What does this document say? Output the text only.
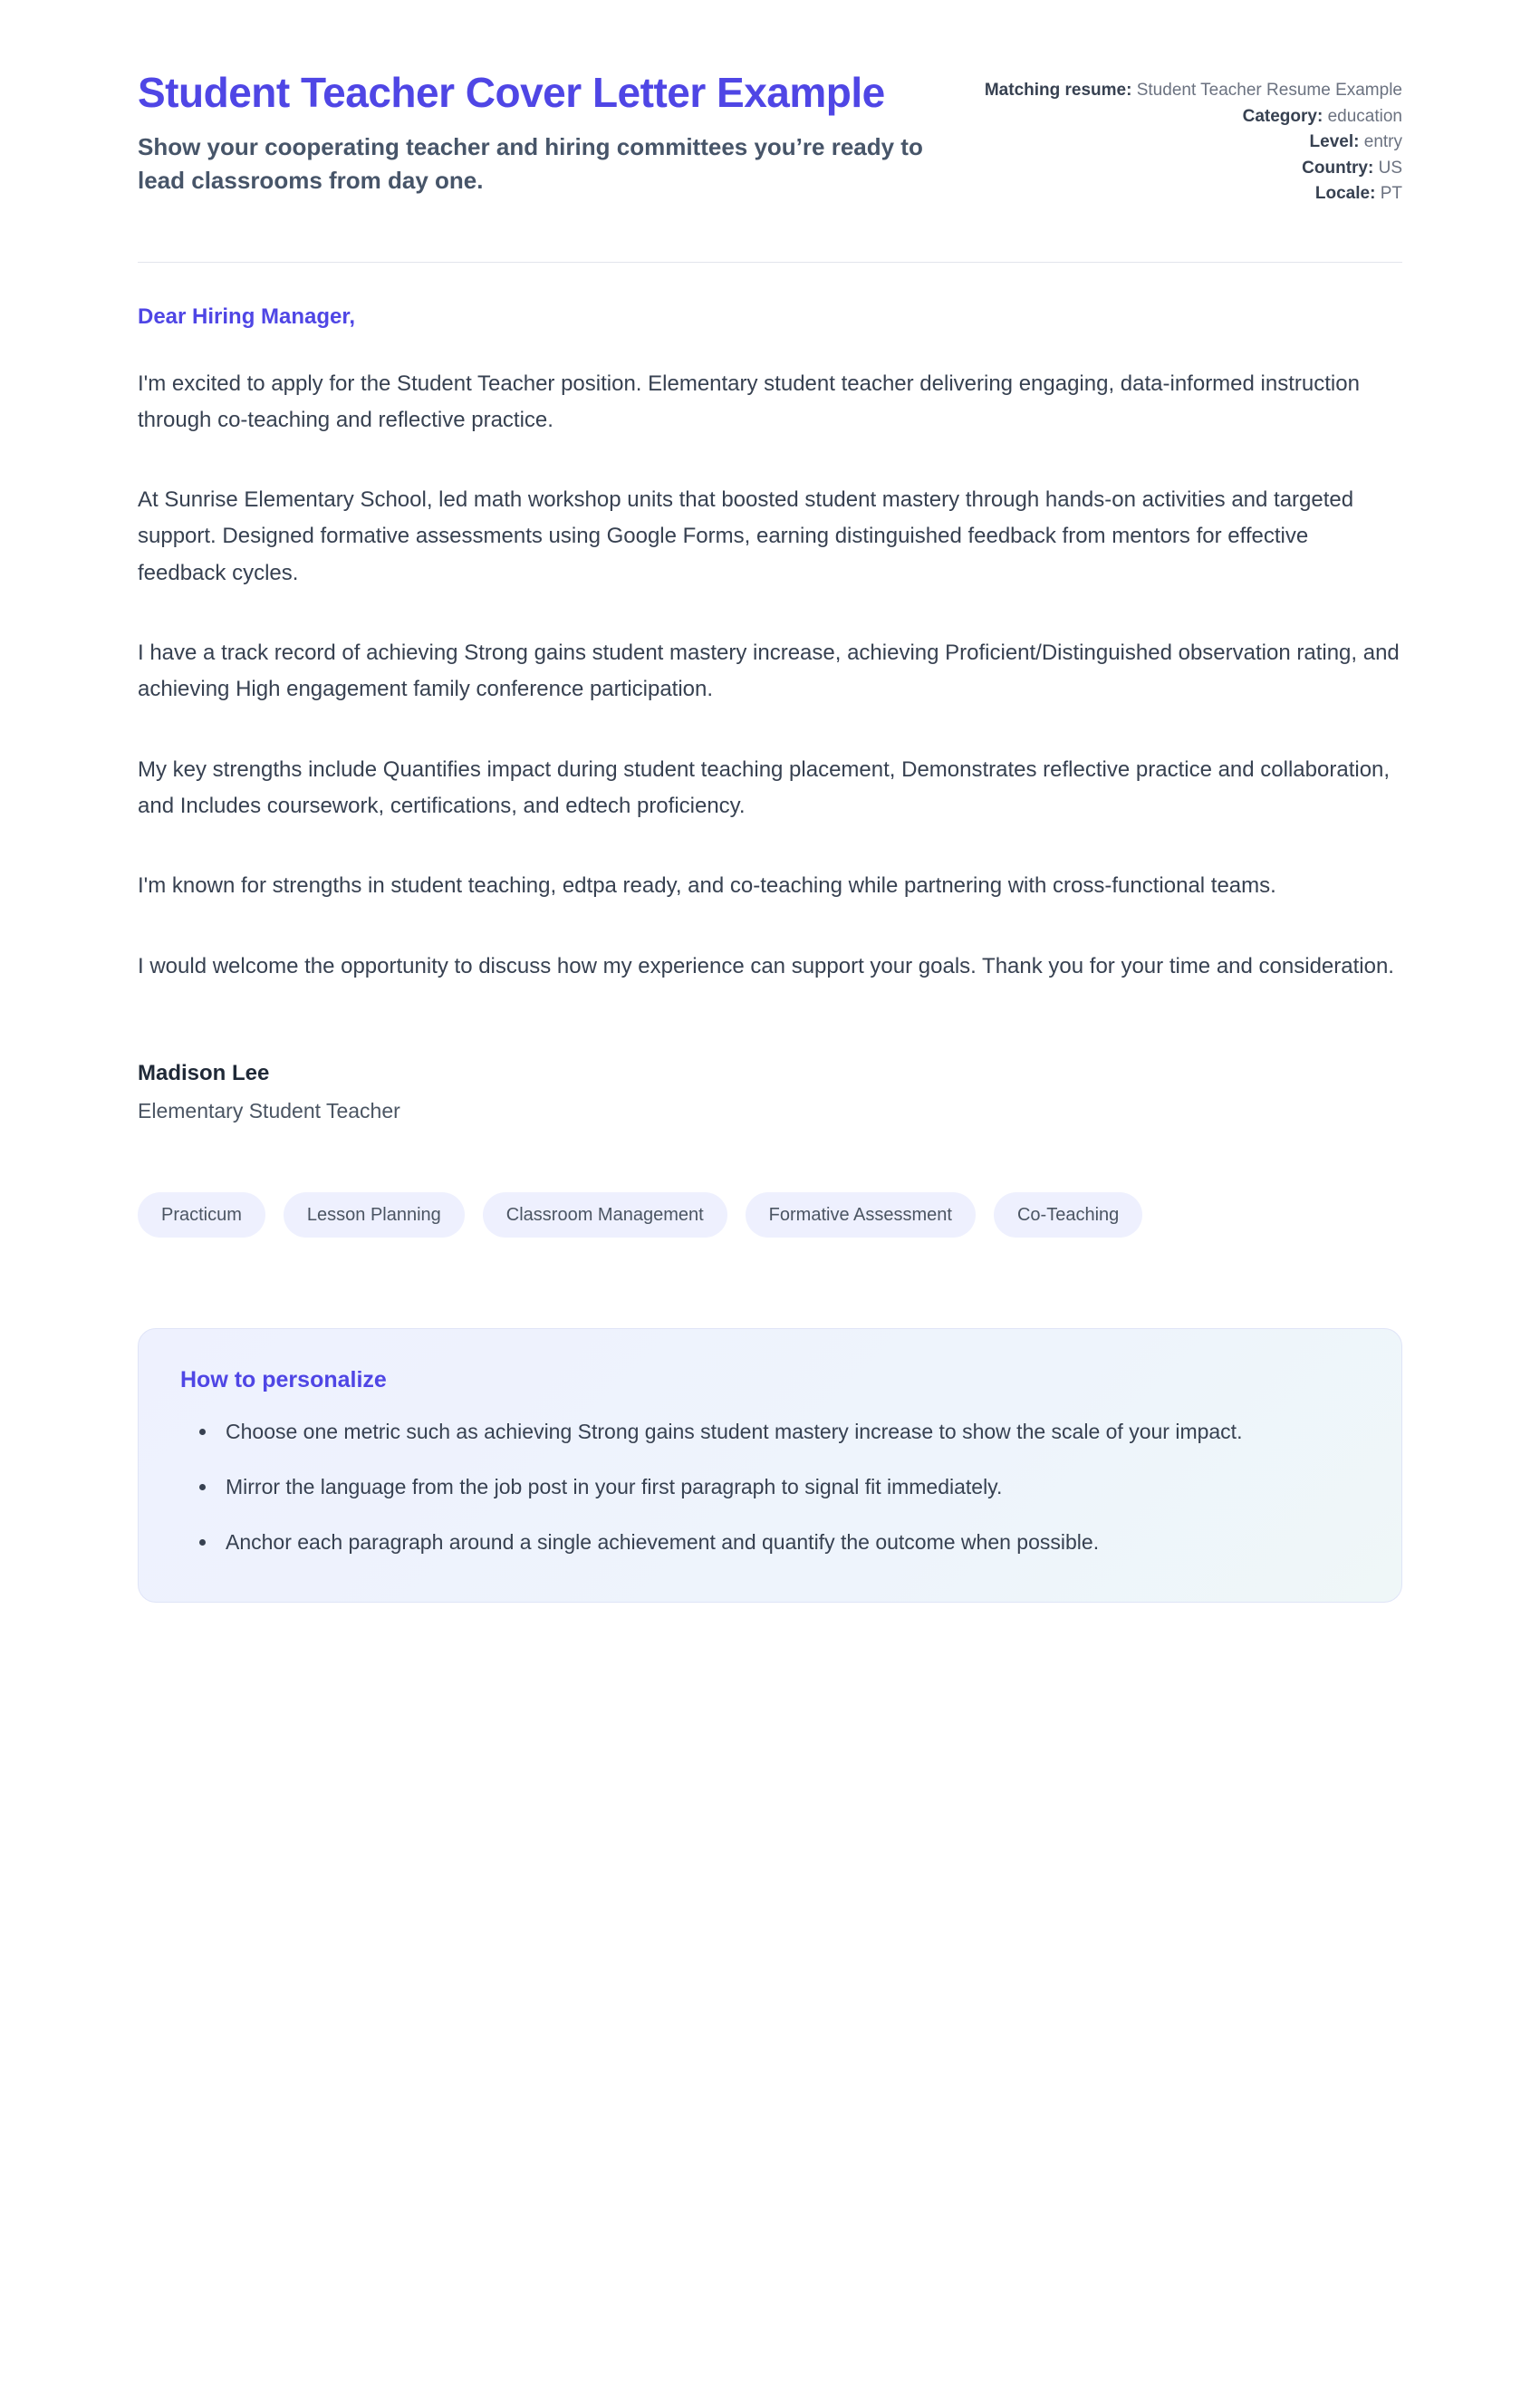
Student Teacher Cover Letter Example

Show your cooperating teacher and hiring committees you’re ready to lead classrooms from day one.

Matching resume: Student Teacher Resume Example
Category: education
Level: entry
Country: US
Locale: PT

Dear Hiring Manager,

I'm excited to apply for the Student Teacher position. Elementary student teacher delivering engaging, data-informed instruction through co-teaching and reflective practice.

At Sunrise Elementary School, led math workshop units that boosted student mastery through hands-on activities and targeted support. Designed formative assessments using Google Forms, earning distinguished feedback from mentors for effective feedback cycles.

I have a track record of achieving Strong gains student mastery increase, achieving Proficient/Distinguished observation rating, and achieving High engagement family conference participation.

My key strengths include Quantifies impact during student teaching placement, Demonstrates reflective practice and collaboration, and Includes coursework, certifications, and edtech proficiency.

I'm known for strengths in student teaching, edtpa ready, and co-teaching while partnering with cross-functional teams.

I would welcome the opportunity to discuss how my experience can support your goals. Thank you for your time and consideration.

Madison Lee

Elementary Student Teacher

Practicum	Lesson Planning	Classroom Management	Formative Assessment	Co-Teaching
How to personalize
• Choose one metric such as achieving Strong gains student mastery increase to show the scale of your impact.
• Mirror the language from the job post in your first paragraph to signal fit immediately.
• Anchor each paragraph around a single achievement and quantify the outcome when possible.
